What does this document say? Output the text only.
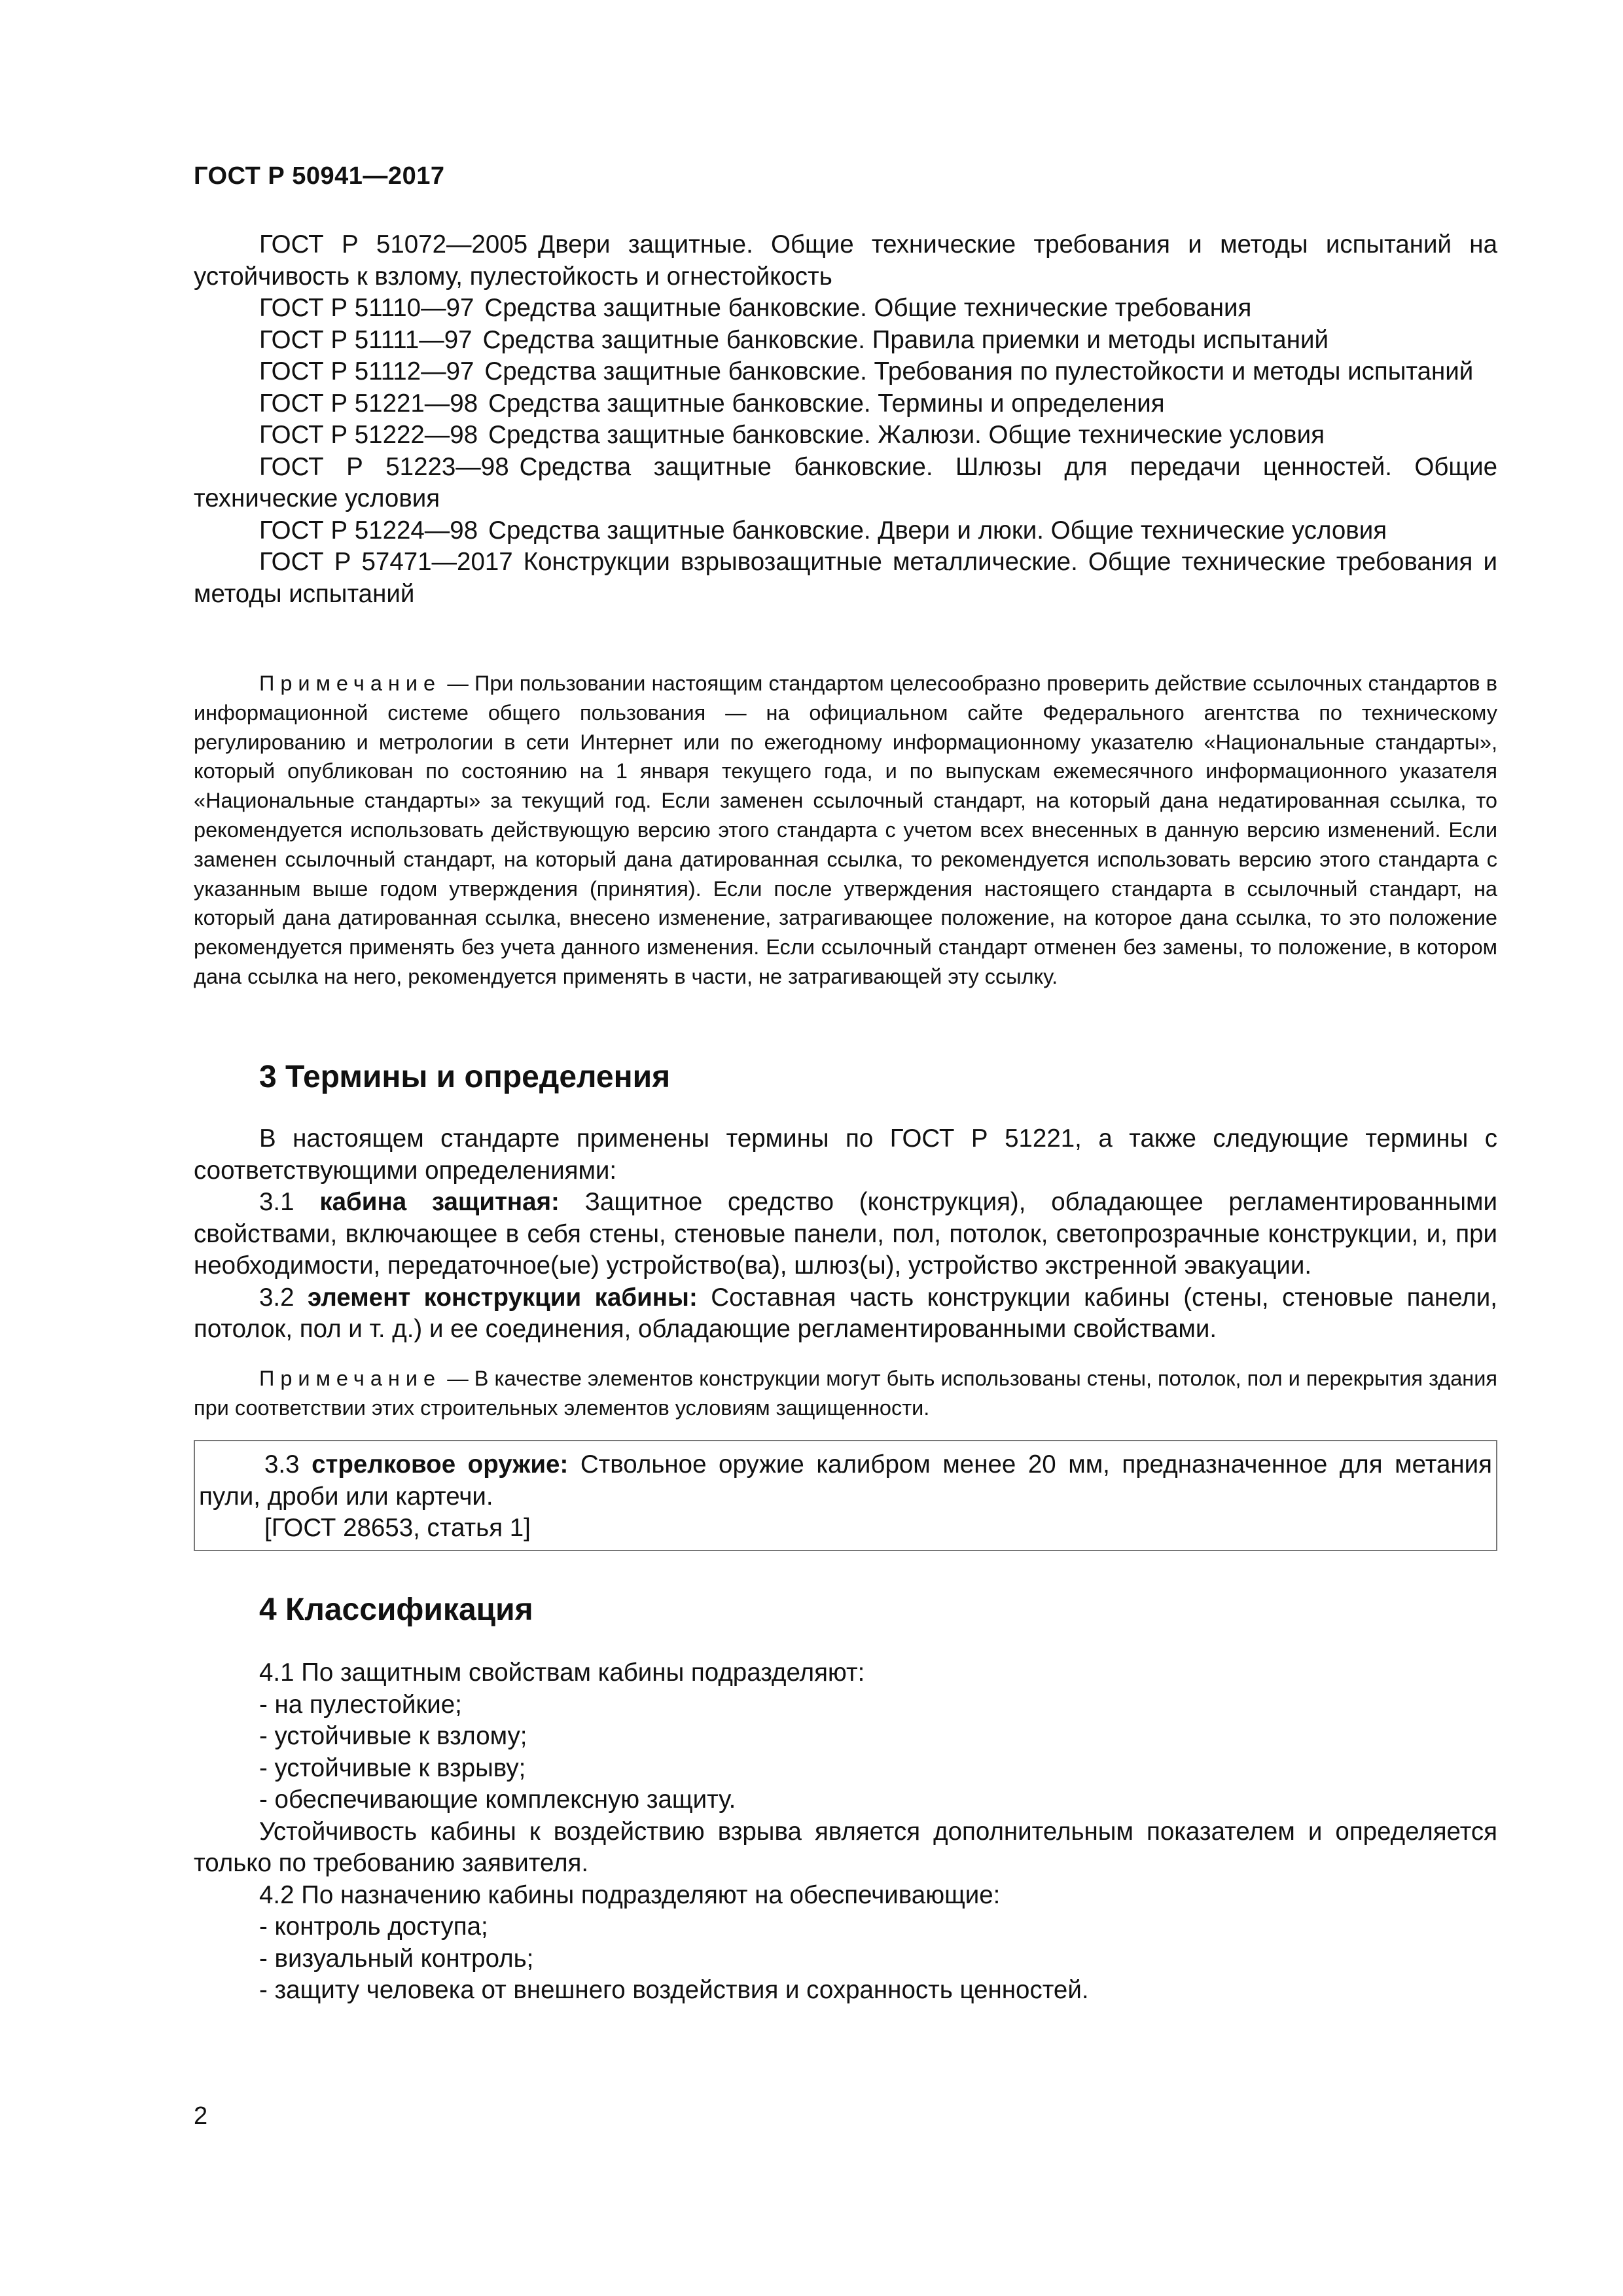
ГОСТ Р 50941—2017

ГОСТ Р 51072—2005 Двери защитные. Общие технические требования и методы испытаний на устойчивость к взлому, пулестойкость и огнестойкость

ГОСТ Р 51110—97 Средства защитные банковские. Общие технические требования

ГОСТ Р 51111—97 Средства защитные банковские. Правила приемки и методы испытаний

ГОСТ Р 51112—97 Средства защитные банковские. Требования по пулестойкости и методы испытаний

ГОСТ Р 51221—98 Средства защитные банковские. Термины и определения

ГОСТ Р 51222—98 Средства защитные банковские. Жалюзи. Общие технические условия

ГОСТ Р 51223—98 Средства защитные банковские. Шлюзы для передачи ценностей. Общие технические условия

ГОСТ Р 51224—98 Средства защитные банковские. Двери и люки. Общие технические условия

ГОСТ Р 57471—2017 Конструкции взрывозащитные металлические. Общие технические требования и методы испытаний

Примечание — При пользовании настоящим стандартом целесообразно проверить действие ссылочных стандартов в информационной системе общего пользования — на официальном сайте Федерального агентства по техническому регулированию и метрологии в сети Интернет или по ежегодному информационному указателю «Национальные стандарты», который опубликован по состоянию на 1 января текущего года, и по выпускам ежемесячного информационного указателя «Национальные стандарты» за текущий год. Если заменен ссылочный стандарт, на который дана недатированная ссылка, то рекомендуется использовать действующую версию этого стандарта с учетом всех внесенных в данную версию изменений. Если заменен ссылочный стандарт, на который дана датированная ссылка, то рекомендуется использовать версию этого стандарта с указанным выше годом утверждения (принятия). Если после утверждения настоящего стандарта в ссылочный стандарт, на который дана датированная ссылка, внесено изменение, затрагивающее положение, на которое дана ссылка, то это положение рекомендуется применять без учета данного изменения. Если ссылочный стандарт отменен без замены, то положение, в котором дана ссылка на него, рекомендуется применять в части, не затрагивающей эту ссылку.

3 Термины и определения

В настоящем стандарте применены термины по ГОСТ Р 51221, а также следующие термины с соответствующими определениями:

3.1 кабина защитная: Защитное средство (конструкция), обладающее регламентированными свойствами, включающее в себя стены, стеновые панели, пол, потолок, светопрозрачные конструкции, и, при необходимости, передаточное(ые) устройство(ва), шлюз(ы), устройство экстренной эвакуации.

3.2 элемент конструкции кабины: Составная часть конструкции кабины (стены, стеновые панели, потолок, пол и т. д.) и ее соединения, обладающие регламентированными свойствами.

Примечание — В качестве элементов конструкции могут быть использованы стены, потолок, пол и перекрытия здания при соответствии этих строительных элементов условиям защищенности.

3.3 стрелковое оружие: Ствольное оружие калибром менее 20 мм, предназначенное для метания пули, дроби или картечи.

[ГОСТ 28653, статья 1]

4 Классификация

4.1 По защитным свойствам кабины подразделяют:

- на пулестойкие;

- устойчивые к взлому;

- устойчивые к взрыву;

- обеспечивающие комплексную защиту.

Устойчивость кабины к воздействию взрыва является дополнительным показателем и определяется только по требованию заявителя.

4.2 По назначению кабины подразделяют на обеспечивающие:

- контроль доступа;

- визуальный контроль;

- защиту человека от внешнего воздействия и сохранность ценностей.

2
